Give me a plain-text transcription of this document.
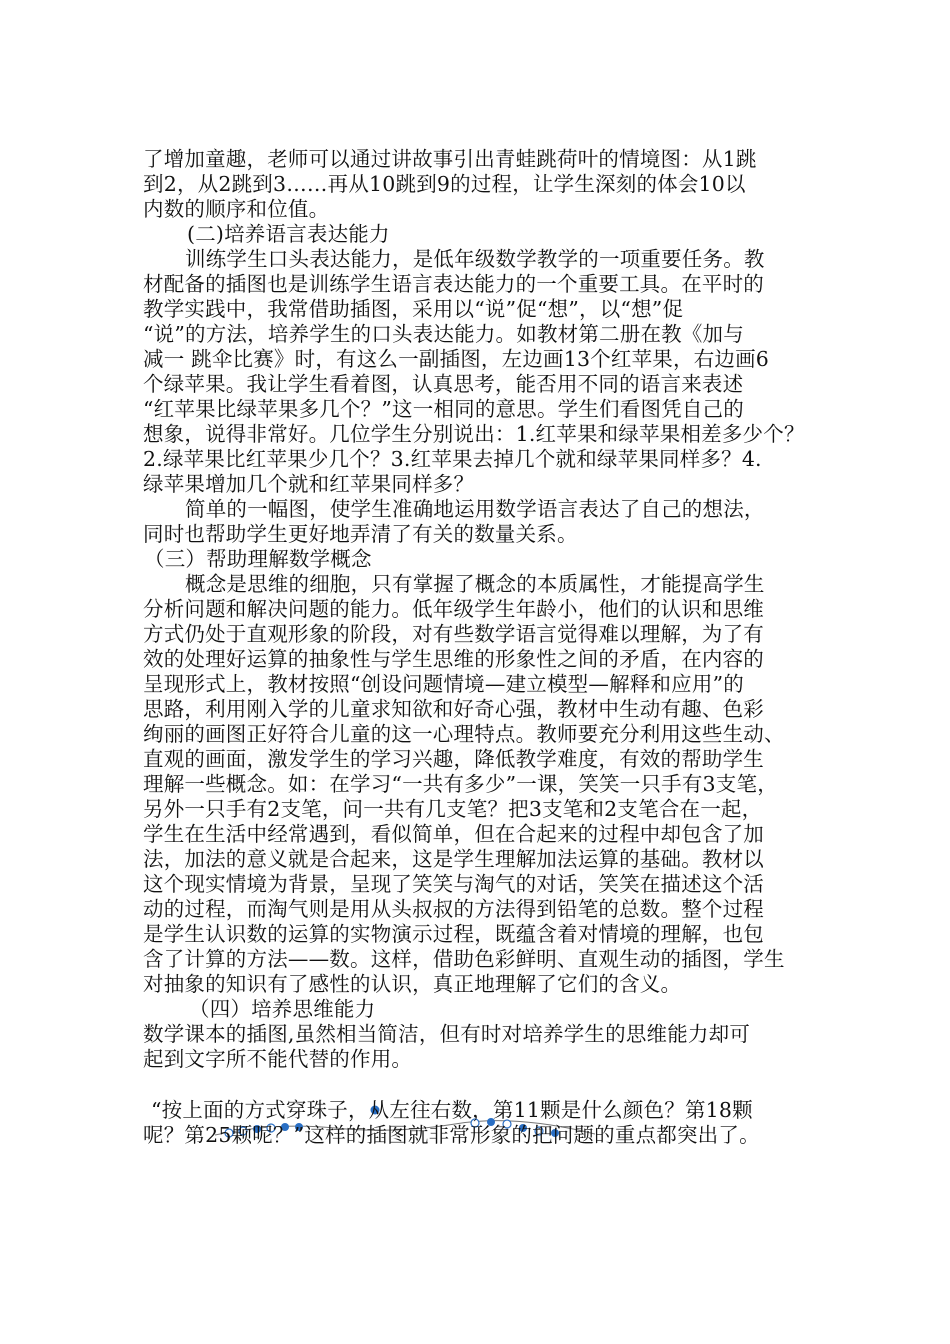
了增加童趣，老师可以通过讲故事引出青蛙跳荷叶的情境图：从1跳
到2，从2跳到3……再从10跳到9的过程，让学生深刻的体会10以
内数的顺序和位值。
(二)培养语言表达能力
训练学生口头表达能力，是低年级数学教学的一项重要任务。教
材配备的插图也是训练学生语言表达能力的一个重要工具。在平时的
教学实践中，我常借助插图，采用以“说”促“想”，以“想”促
“说”的方法，培养学生的口头表达能力。如教材第二册在教《加与
减一 跳伞比赛》时，有这么一副插图，左边画13个红苹果，右边画6
个绿苹果。我让学生看着图，认真思考，能否用不同的语言来表述
“红苹果比绿苹果多几个？”这一相同的意思。学生们看图凭自己的
想象，说得非常好。几位学生分别说出：1.红苹果和绿苹果相差多少个？
2.绿苹果比红苹果少几个？3.红苹果去掉几个就和绿苹果同样多？4.
绿苹果增加几个就和红苹果同样多？
简单的一幅图，使学生准确地运用数学语言表达了自己的想法，
同时也帮助学生更好地弄清了有关的数量关系。
（三）帮助理解数学概念
概念是思维的细胞，只有掌握了概念的本质属性，才能提高学生
分析问题和解决问题的能力。低年级学生年龄小，他们的认识和思维
方式仍处于直观形象的阶段，对有些数学语言觉得难以理解，为了有
效的处理好运算的抽象性与学生思维的形象性之间的矛盾，在内容的
呈现形式上，教材按照“创设问题情境—建立模型—解释和应用”的
思路，利用刚入学的儿童求知欲和好奇心强，教材中生动有趣、色彩
绚丽的画图正好符合儿童的这一心理特点。教师要充分利用这些生动、
直观的画面，激发学生的学习兴趣，降低教学难度，有效的帮助学生
理解一些概念。如：在学习“一共有多少”一课，笑笑一只手有3支笔，
另外一只手有2支笔，问一共有几支笔？把3支笔和2支笔合在一起，
学生在生活中经常遇到，看似简单，但在合起来的过程中却包含了加
法，加法的意义就是合起来，这是学生理解加法运算的基础。教材以
这个现实情境为背景，呈现了笑笑与淘气的对话，笑笑在描述这个活
动的过程，而淘气则是用从头叔叔的方法得到铅笔的总数。整个过程
是学生认识数的运算的实物演示过程，既蕴含着对情境的理解，也包
含了计算的方法——数。这样，借助色彩鲜明、直观生动的插图，学生
对抽象的知识有了感性的认识，真正地理解了它们的含义。
（四）培养思维能力
数学课本的插图,虽然相当简洁，但有时对培养学生的思维能力却可
起到文字所不能代替的作用。
“按上面的方式穿珠子，从左往右数，第11颗是什么颜色？第18颗
呢？第25颗呢？”这样的插图就非常形象的把问题的重点都突出了。
